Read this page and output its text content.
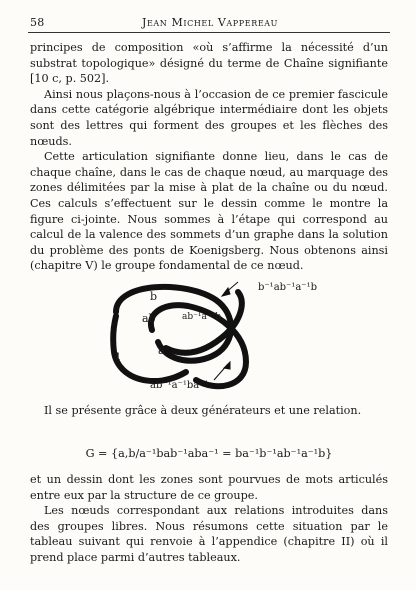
58	Jean Michel Vappereau

principes de composition «où s’affirme la nécessité d’un substrat topologique» désigné du terme de Chaîne signifiante [10 c, p. 502].

Ainsi nous plaçons-nous à l’occasion de ce premier fascicule dans cette catégorie algébrique intermédiaire dont les objets sont des lettres qui forment des groupes et les flèches des nœuds.

Cette articulation signifiante donne lieu, dans le cas de chaque chaîne, dans le cas de chaque nœud, au marquage des zones délimitées par la mise à plat de la chaîne ou du nœud. Ces calculs s’effectuent sur le dessin comme le montre la figure ci-jointe. Nous sommes à l’étape qui correspond au calcul de la valence des sommets d’un graphe dans la solution du problème des ponts de Koenigsberg. Nous obtenons ainsi (chapitre V) le groupe fondamental de ce nœud.

b
ab	ab⁻¹a⁻¹b
a
1
b⁻¹ab⁻¹a⁻¹b
ab⁻¹a⁻¹ba⁻¹.

Il se présente grâce à deux générateurs et une relation.

G = {a,b/a⁻¹bab⁻¹aba⁻¹ = ba⁻¹b⁻¹ab⁻¹a⁻¹b}

et un dessin dont les zones sont pourvues de mots articulés entre eux par la structure de ce groupe.

Les nœuds correspondant aux relations introduites dans des groupes libres. Nous résumons cette situation par le tableau suivant qui renvoie à l’appendice (chapitre II) où il prend place parmi d’autres tableaux.
